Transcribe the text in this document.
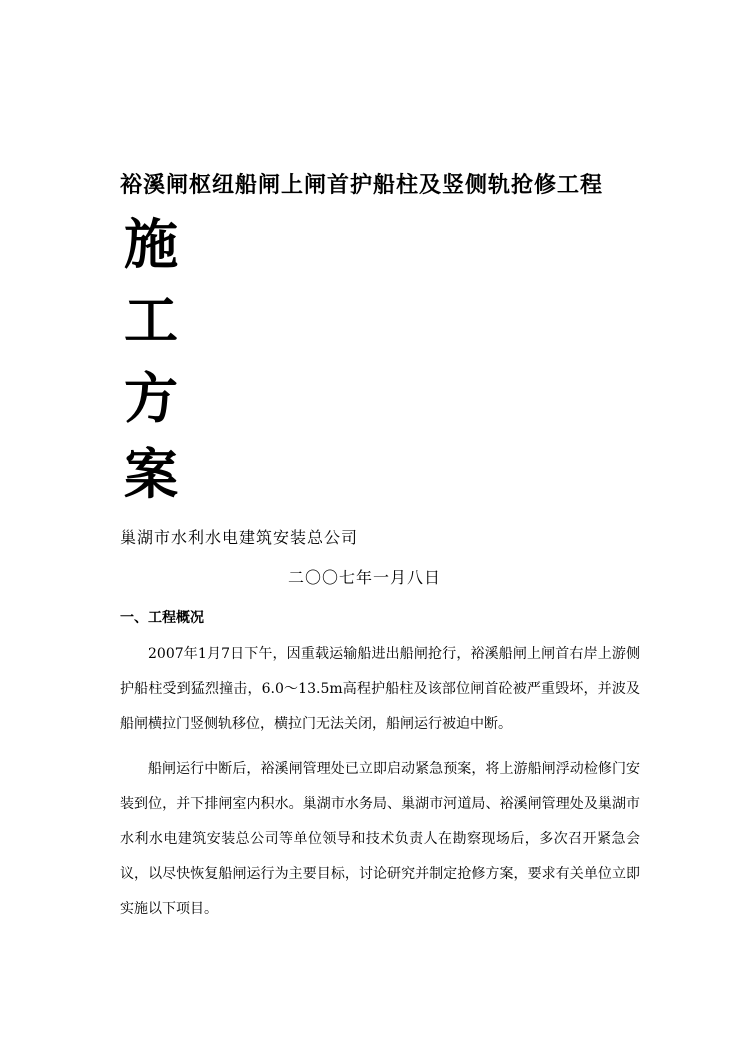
裕溪闸枢纽船闸上闸首护船柱及竖侧轨抢修工程
施
工
方
案
巢湖市水利水电建筑安装总公司
二〇〇七年一月八日
一、工程概况

2007年1月7日下午，因重载运输船进出船闸抢行，裕溪船闸上闸首右岸上游侧护船柱受到猛烈撞击，6.0～13.5m高程护船柱及该部位闸首砼被严重毁坏，并波及船闸横拉门竖侧轨移位，横拉门无法关闭，船闸运行被迫中断。

船闸运行中断后，裕溪闸管理处已立即启动紧急预案，将上游船闸浮动检修门安装到位，并下排闸室内积水。巢湖市水务局、巢湖市河道局、裕溪闸管理处及巢湖市水利水电建筑安装总公司等单位领导和技术负责人在勘察现场后，多次召开紧急会议，以尽快恢复船闸运行为主要目标，讨论研究并制定抢修方案，要求有关单位立即实施以下项目。
